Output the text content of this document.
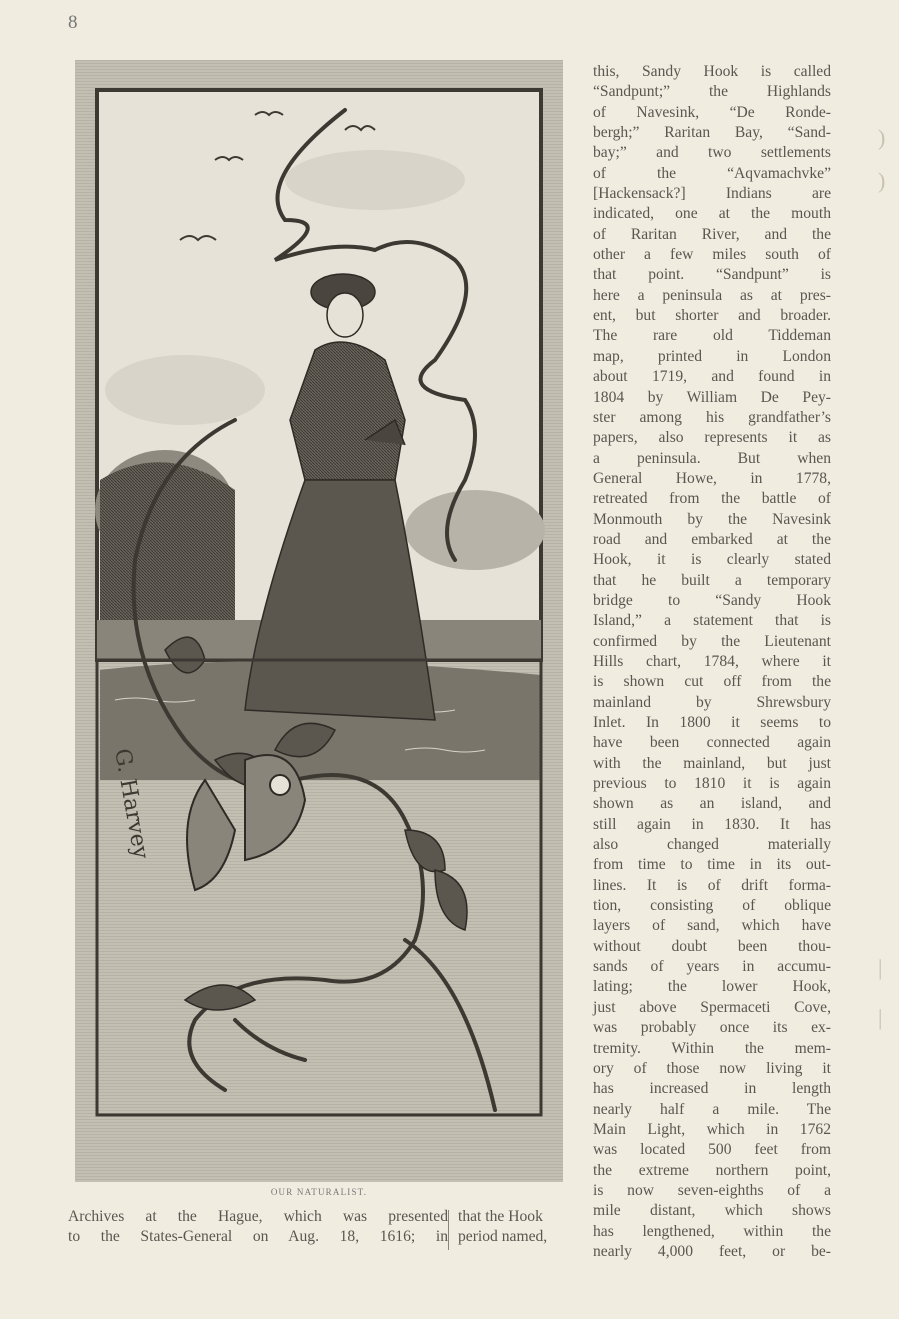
8
G. Harvey
OUR NATURALIST.
this, Sandy Hook is called
“Sandpunt;” the Highlands
of Navesink, “De Ronde-
bergh;” Raritan Bay, “Sand-
bay;” and two settlements
of the “Aqvamachvke”
[Hackensack?] Indians are
indicated, one at the mouth
of Raritan River, and the
other a few miles south of
that point. “Sandpunt” is
here a peninsula as at pres-
ent, but shorter and broader.
The rare old Tiddeman
map, printed in London
about 1719, and found in
1804 by William De Pey-
ster among his grandfather’s
papers, also represents it as
a peninsula. But when
General Howe, in 1778,
retreated from the battle of
Monmouth by the Navesink
road and embarked at the
Hook, it is clearly stated
that he built a temporary
bridge to “Sandy Hook
Island,” a statement that is
confirmed by the Lieutenant
Hills chart, 1784, where it
is shown cut off from the
mainland by Shrewsbury
Inlet. In 1800 it seems to
have been connected again
with the mainland, but just
previous to 1810 it is again
shown as an island, and
still again in 1830. It has
also changed materially
from time to time in its out-
lines. It is of drift forma-
tion, consisting of oblique
layers of sand, which have
without doubt been thou-
sands of years in accumu-
lating; the lower Hook,
just above Spermaceti Cove,
was probably once its ex-
tremity. Within the mem-
ory of those now living it
has increased in length
nearly half a mile. The
Main Light, which in 1762
was located 500 feet from
the extreme northern point,
is now seven-eighths of a
mile distant, which shows
has lengthened, within the
nearly 4,000 feet, or be-
Archives at the Hague, which was presented
to the States-General on Aug. 18, 1616; in
that the Hook
period named,
)
)
|
|
